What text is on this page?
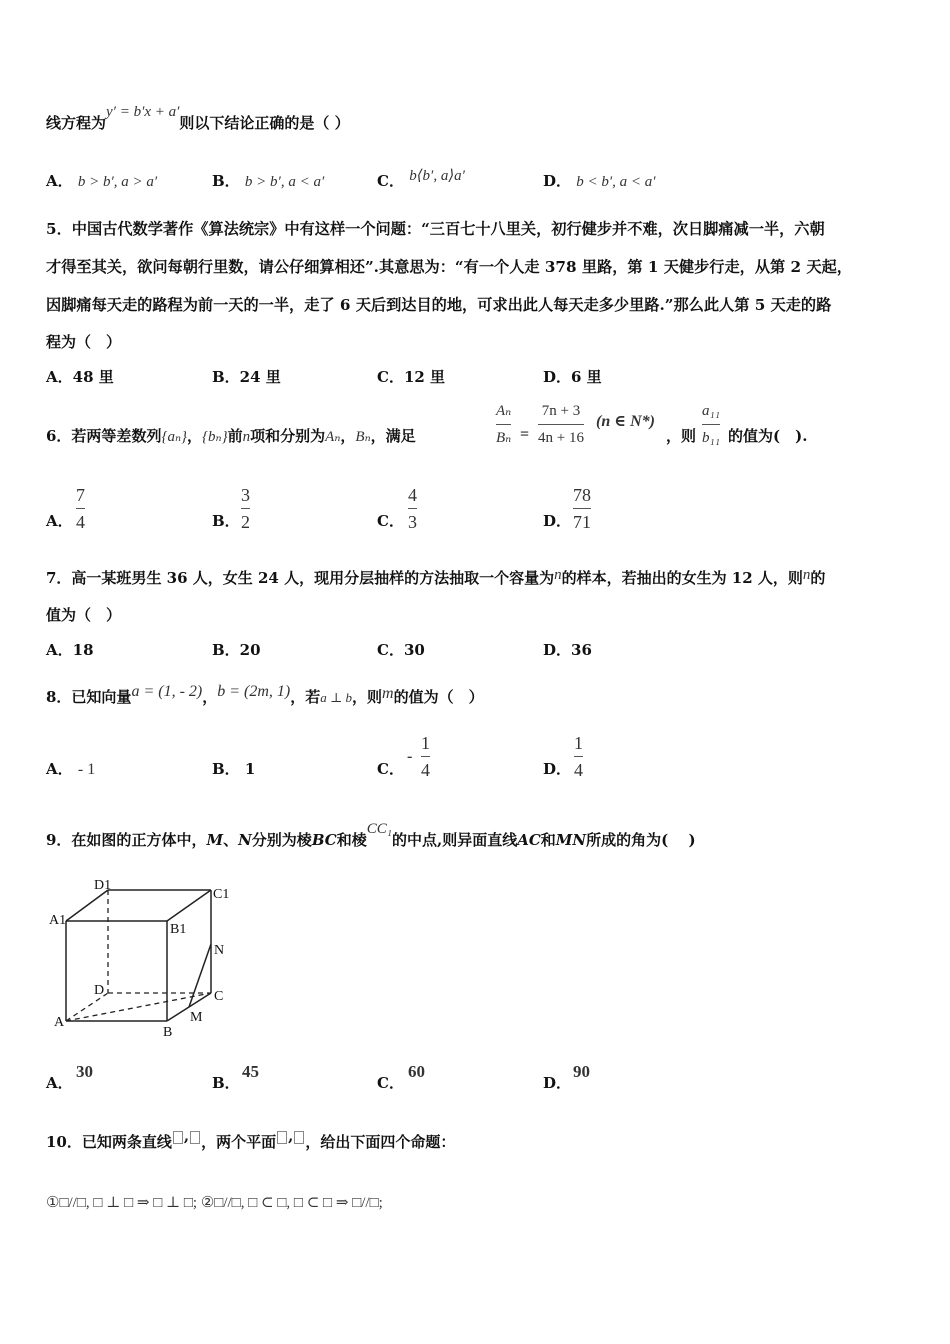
线方程为y′ = b′x + a′则以下结论正确的是（ ）
A． b > b′, a > a′	B． b > b′, a < a′	C． b⟨b′, a⟩a′	D． b < b′, a < a′
5．中国古代数学著作《算法统宗》中有这样一个问题：“三百七十八里关，初行健步并不难，次日脚痛减一半，六朝
才得至其关，欲问每朝行里数，请公仔细算相还”.其意思为：“有一个人走 378 里路，第 1 天健步行走，从第 2 天起，
因脚痛每天走的路程为前一天的一半，走了 6 天后到达目的地，可求出此人每天走多少里路.”那么此人第 5 天走的路
程为（　）
A．48 里	B．24 里	C．12 里	D．6 里
6．若两等差数列{aₙ}，{bₙ}前n项和分别为Aₙ，Bₙ，满足
Aₙ
Bₙ =
7n + 3
4n + 16
(n ∈ N*)
，则
a₁₁
b₁₁ 的值为(　).
A．
7
4	B．
3
2	C．
4
3	D．
78
71
7．高一某班男生 36 人，女生 24 人，现用分层抽样的方法抽取一个容量为n的样本，若抽出的女生为 12 人，则n的
值为（　）
A．18	B．20	C．30	D．36
8．已知向量a = (1, - 2)，b = (2m, 1)，若a ⊥ b，则m的值为（　）
A． - 1	B． 1	C．
-
1
4	D．
1
4
9．在如图的正方体中，M、N分别为棱BC和棱CC₁的中点,则异面直线AC和MN所成的角为(　 )
D1
C1
A1
B1
N
D	C
A
B
M
A．
30
B．
45
C．
60
D．
90
10．已知两条直线 , ，两个平面 , ，给出下面四个命题：
①□//□, □ ⊥ □ ⇒ □ ⊥ □; ②□//□, □ ⊂ □, □ ⊂ □ ⇒ □//□;
